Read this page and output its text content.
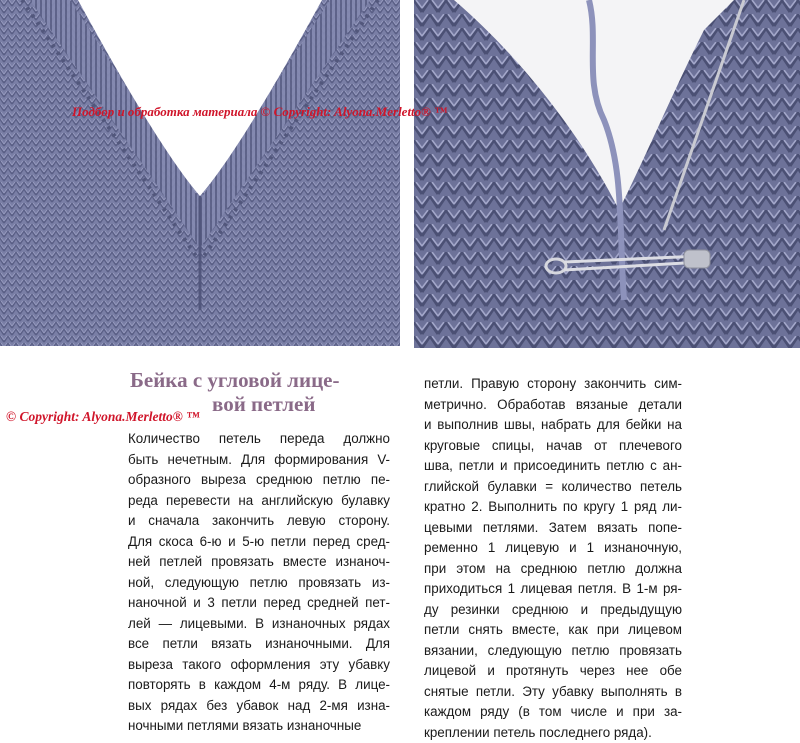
Подбор и обработка материала © Copyright: Alyona.Merletto® ™
Бейка с угловой лице-
вой петлей
© Copyright: Alyona.Merletto® ™
Количество петель переда должно
быть нечетным. Для формирования V-
образного выреза среднюю петлю пе-
реда перевести на английскую булавку
и сначала закончить левую сторону.
Для скоса 6-ю и 5-ю петли перед сред-
ней петлей провязать вместе изнаноч-
ной, следующую петлю провязать из-
наночной и 3 петли перед средней пет-
лей — лицевыми. В изнаночных рядах
все петли вязать изнаночными. Для
выреза такого оформления эту убавку
повторять в каждом 4-м ряду. В лице-
вых рядах без убавок над 2-мя изна-
ночными петлями вязать изнаночные
петли. Правую сторону закончить сим-
метрично. Обработав вязаные детали
и выполнив швы, набрать для бейки на
круговые спицы, начав от плечевого
шва, петли и присоединить петлю с ан-
глийской булавки = количество петель
кратно 2. Выполнить по кругу 1 ряд ли-
цевыми петлями. Затем вязать попе-
ременно 1 лицевую и 1 изнаночную,
при этом на среднюю петлю должна
приходиться 1 лицевая петля. В 1-м ря-
ду резинки среднюю и предыдущую
петли снять вместе, как при лицевом
вязании, следующую петлю провязать
лицевой и протянуть через нее обе
снятые петли. Эту убавку выполнять в
каждом ряду (в том числе и при за-
креплении петель последнего ряда).
